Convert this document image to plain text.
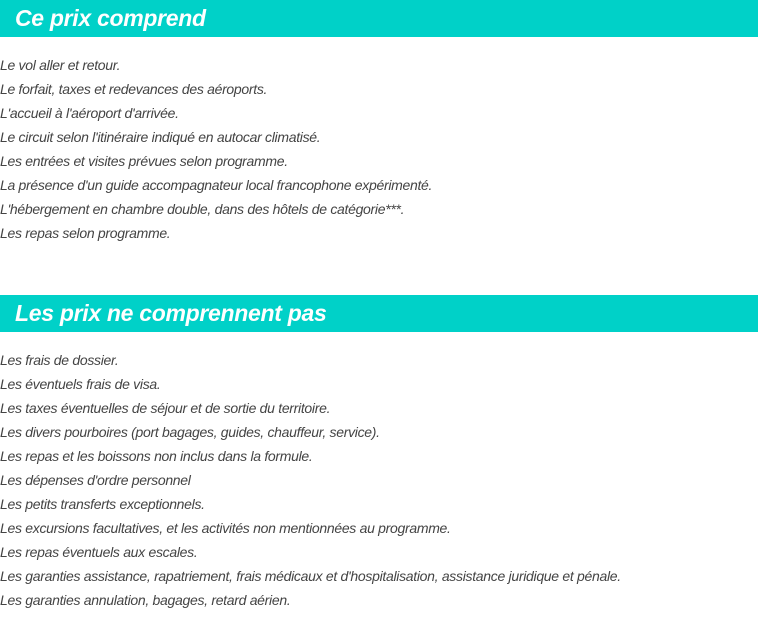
Ce prix comprend
Le vol aller et retour.
Le forfait, taxes et redevances des aéroports.
L'accueil à l'aéroport d'arrivée.
Le circuit selon l'itinéraire indiqué en autocar climatisé.
Les entrées et visites prévues selon programme.
La présence d'un guide accompagnateur local francophone expérimenté.
L'hébergement en chambre double, dans des hôtels de catégorie***.
Les repas selon programme.
Les prix ne comprennent pas
Les frais de dossier.
Les éventuels frais de visa.
Les taxes éventuelles de séjour et de sortie du territoire.
Les divers pourboires (port bagages, guides, chauffeur, service).
Les repas et les boissons non inclus dans la formule.
Les dépenses d'ordre personnel
Les petits transferts exceptionnels.
Les excursions facultatives, et les activités non mentionnées au programme.
Les repas éventuels aux escales.
Les garanties assistance, rapatriement, frais médicaux et d'hospitalisation, assistance juridique et pénale.
Les garanties annulation, bagages, retard aérien.
